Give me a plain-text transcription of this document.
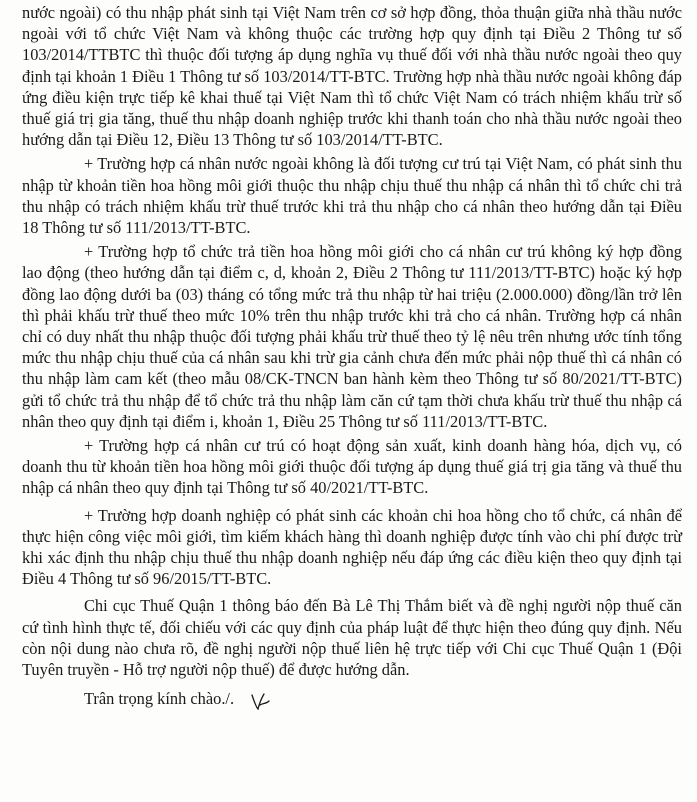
nước ngoài) có thu nhập phát sinh tại Việt Nam trên cơ sở hợp đồng, thỏa thuận giữa nhà thầu nước ngoài với tổ chức Việt Nam và không thuộc các trường hợp quy định tại Điều 2 Thông tư số 103/2014/TTBTC thì thuộc đối tượng áp dụng nghĩa vụ thuế đối với nhà thầu nước ngoài theo quy định tại khoản 1 Điều 1 Thông tư số 103/2014/TT-BTC. Trường hợp nhà thầu nước ngoài không đáp ứng điều kiện trực tiếp kê khai thuế tại Việt Nam thì tổ chức Việt Nam có trách nhiệm khấu trừ số thuế giá trị gia tăng, thuế thu nhập doanh nghiệp trước khi thanh toán cho nhà thầu nước ngoài theo hướng dẫn tại Điều 12, Điều 13 Thông tư số 103/2014/TT-BTC.

+ Trường hợp cá nhân nước ngoài không là đối tượng cư trú tại Việt Nam, có phát sinh thu nhập từ khoản tiền hoa hồng môi giới thuộc thu nhập chịu thuế thu nhập cá nhân thì tổ chức chi trả thu nhập có trách nhiệm khấu trừ thuế trước khi trả thu nhập cho cá nhân theo hướng dẫn tại Điều 18 Thông tư số 111/2013/TT-BTC.

+ Trường hợp tổ chức trả tiền hoa hồng môi giới cho cá nhân cư trú không ký hợp đồng lao động (theo hướng dẫn tại điểm c, d, khoản 2, Điều 2 Thông tư 111/2013/TT-BTC) hoặc ký hợp đồng lao động dưới ba (03) tháng có tổng mức trả thu nhập từ hai triệu (2.000.000) đồng/lần trở lên thì phải khấu trừ thuế theo mức 10% trên thu nhập trước khi trả cho cá nhân. Trường hợp cá nhân chỉ có duy nhất thu nhập thuộc đối tượng phải khấu trừ thuế theo tỷ lệ nêu trên nhưng ước tính tổng mức thu nhập chịu thuế của cá nhân sau khi trừ gia cảnh chưa đến mức phải nộp thuế thì cá nhân có thu nhập làm cam kết (theo mẫu 08/CK-TNCN ban hành kèm theo Thông tư số 80/2021/TT-BTC) gửi tổ chức trả thu nhập để tổ chức trả thu nhập làm căn cứ tạm thời chưa khấu trừ thuế thu nhập cá nhân theo quy định tại điểm i, khoản 1, Điều 25 Thông tư số 111/2013/TT-BTC.

+ Trường hợp cá nhân cư trú có hoạt động sản xuất, kinh doanh hàng hóa, dịch vụ, có doanh thu từ khoản tiền hoa hồng môi giới thuộc đối tượng áp dụng thuế giá trị gia tăng và thuế thu nhập cá nhân theo quy định tại Thông tư số 40/2021/TT-BTC.

+ Trường hợp doanh nghiệp có phát sinh các khoản chi hoa hồng cho tổ chức, cá nhân để thực hiện công việc môi giới, tìm kiếm khách hàng thì doanh nghiệp được tính vào chi phí được trừ khi xác định thu nhập chịu thuế thu nhập doanh nghiệp nếu đáp ứng các điều kiện theo quy định tại Điều 4 Thông tư số 96/2015/TT-BTC.

Chi cục Thuế Quận 1 thông báo đến Bà Lê Thị Thắm biết và đề nghị người nộp thuế căn cứ tình hình thực tế, đối chiếu với các quy định của pháp luật để thực hiện theo đúng quy định. Nếu còn nội dung nào chưa rõ, đề nghị người nộp thuế liên hệ trực tiếp với Chi cục Thuế Quận 1 (Đội Tuyên truyền - Hỗ trợ người nộp thuế) để được hướng dẫn.

Trân trọng kính chào./.
